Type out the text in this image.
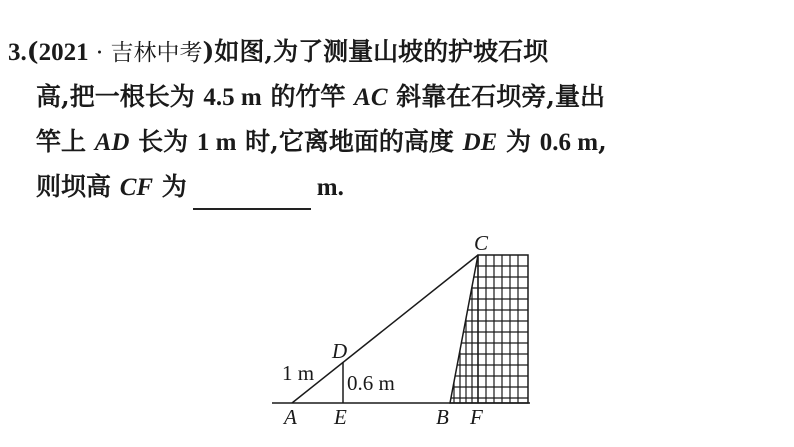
3.(2021 · 吉林中考)如图,为了测量山坡的护坡石坝
高,把一根长为 4.5 m 的竹竿 AC 斜靠在石坝旁,量出
竿上 AD 长为 1 m 时,它离地面的高度 DE 为 0.6 m,
则坝高 CF 为	m.
A E	B F
C
D
1 m 0.6 m
